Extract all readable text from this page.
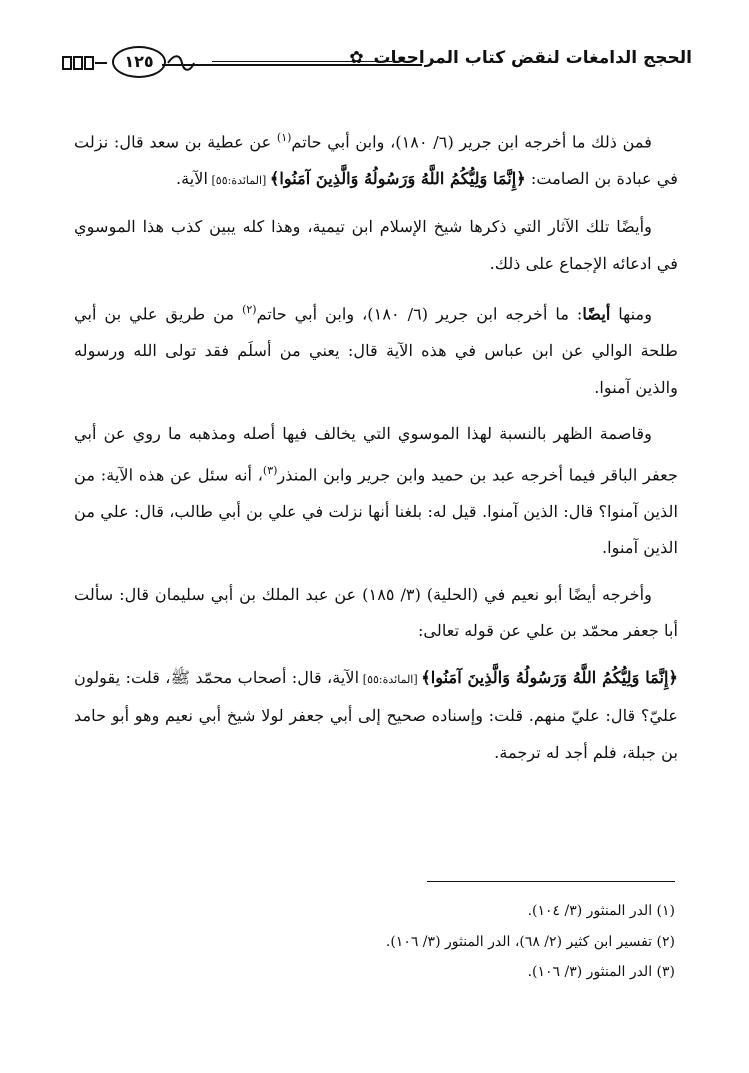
١٢٥	الحجج الدامغات لنقض كتاب المراجعات ✿

فمن ذلك ما أخرجه ابن جرير (٦/ ١٨٠)، وابن أبي حاتم$^{(١)}$ عن عطية بن سعد قال: نزلت في عبادة بن الصامت: ﴿إِنَّمَا وَلِيُّكُمُ اللَّهُ وَرَسُولُهُ وَالَّذِينَ آمَنُوا﴾ [المائدة:٥٥] الآية.

وأيضًا تلك الآثار التي ذكرها شيخ الإسلام ابن تيمية، وهذا كله يبين كذب هذا الموسوي في ادعائه الإجماع على ذلك.

ومنها أيضًا: ما أخرجه ابن جرير (٦/ ١٨٠)، وابن أبي حاتم$^{(٢)}$ من طريق علي بن أبي طلحة الوالي عن ابن عباس في هذه الآية قال: يعني من أسلَم فقد تولى الله ورسوله والذين آمنوا.

وقاصمة الظهر بالنسبة لهذا الموسوي التي يخالف فيها أصله ومذهبه ما روي عن أبي جعفر الباقر فيما أخرجه عبد بن حميد وابن جرير وابن المنذر$^{(٣)}$، أنه سئل عن هذه الآية: من الذين آمنوا؟ قال: الذين آمنوا. قيل له: بلغنا أنها نزلت في علي بن أبي طالب، قال: علي من الذين آمنوا.

وأخرجه أيضًا أبو نعيم في (الحلية) (٣/ ١٨٥) عن عبد الملك بن أبي سليمان قال: سألت أبا جعفر محمّد بن علي عن قوله تعالى:

﴿إِنَّمَا وَلِيُّكُمُ اللَّهُ وَرَسُولُهُ وَالَّذِينَ آمَنُوا﴾ [المائدة:٥٥] الآية، قال: أصحاب محمّد ﷺ، قلت: يقولون عليّ؟ قال: عليّ منهم. قلت: وإسناده صحيح إلى أبي جعفر لولا شيخ أبي نعيم وهو أبو حامد بن جبلة، فلم أجد له ترجمة.

(١) الدر المنثور (٣/ ١٠٤).

(٢) تفسير ابن كثير (٢/ ٦٨)، الدر المنثور (٣/ ١٠٦).

(٣) الدر المنثور (٣/ ١٠٦).
